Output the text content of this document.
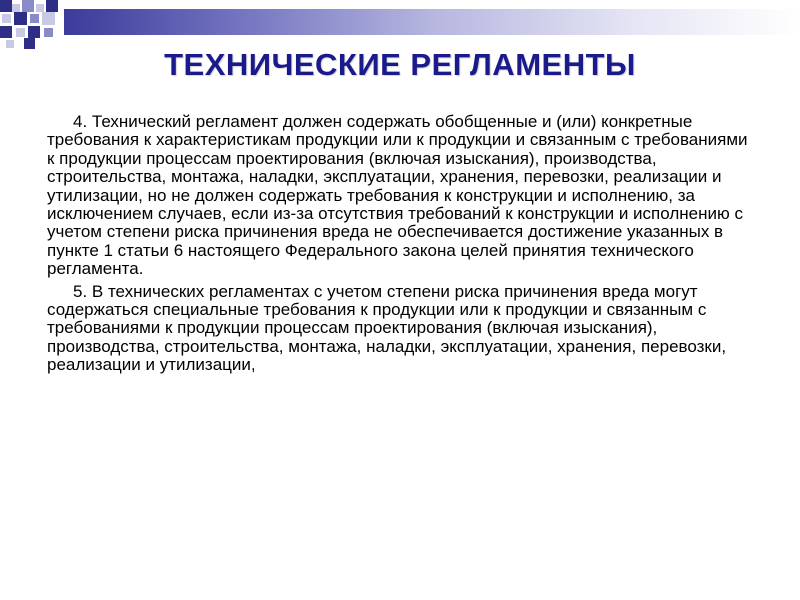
ТЕХНИЧЕСКИЕ РЕГЛАМЕНТЫ

4. Технический регламент должен содержать обобщенные и (или) конкретные требования к характеристикам продукции или к продукции и связанным с требованиями к продукции процессам проектирования (включая изыскания), производства, строительства, монтажа, наладки, эксплуатации, хранения, перевозки, реализации и утилизации, но не должен содержать требования к конструкции и исполнению, за исключением случаев, если из-за отсутствия требований к конструкции и исполнению с учетом степени риска причинения вреда не обеспечивается достижение указанных в пункте 1 статьи 6 настоящего Федерального закона целей принятия технического регламента.

5. В технических регламентах с учетом степени риска причинения вреда могут содержаться специальные требования к продукции или к продукции и связанным с требованиями к продукции процессам проектирования (включая изыскания), производства, строительства, монтажа, наладки, эксплуатации, хранения, перевозки, реализации и утилизации,
